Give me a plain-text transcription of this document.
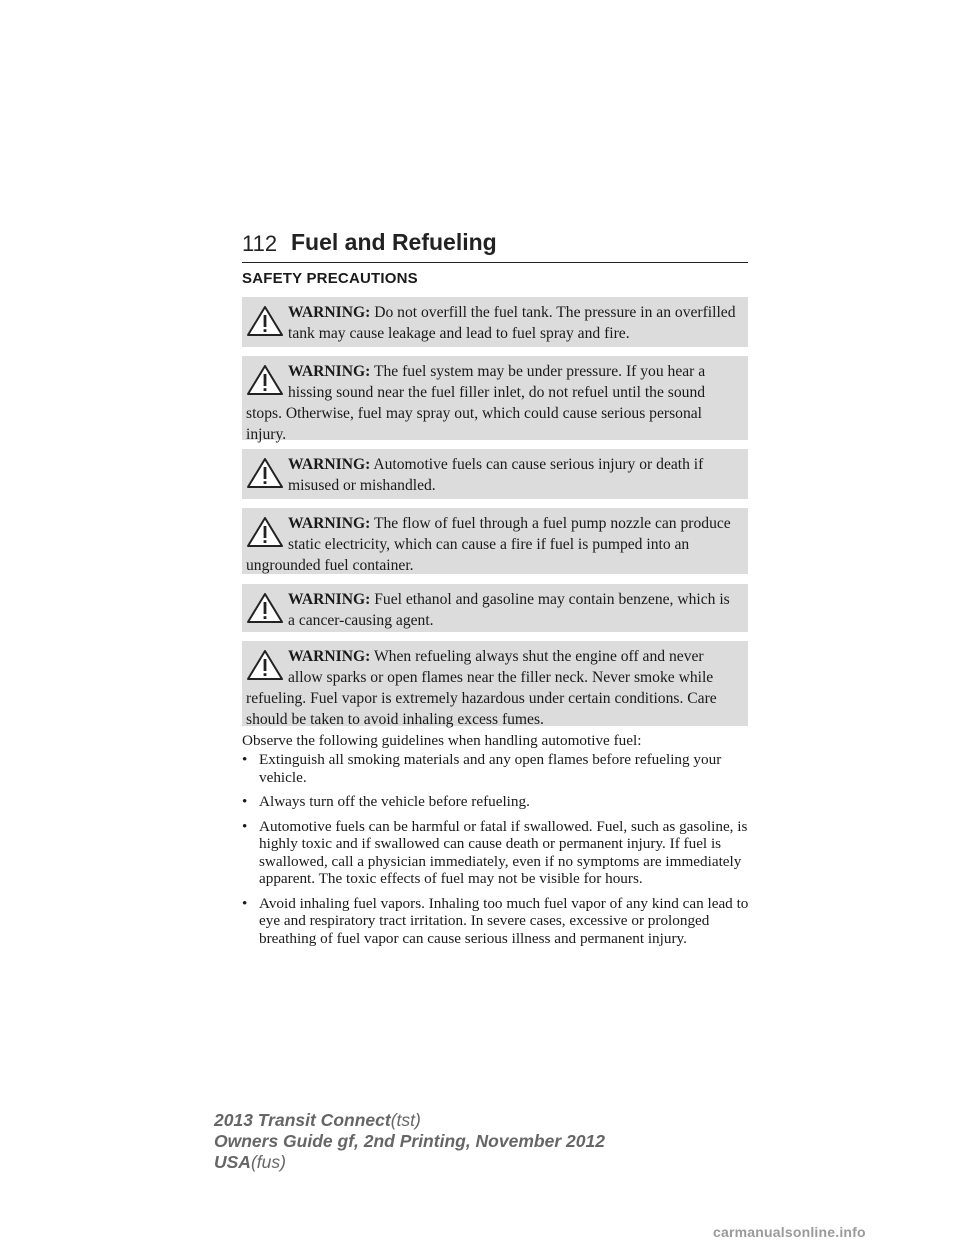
112 Fuel and Refueling
SAFETY PRECAUTIONS
WARNING: Do not overfill the fuel tank. The pressure in an overfilled tank may cause leakage and lead to fuel spray and fire.
WARNING: The fuel system may be under pressure. If you hear a hissing sound near the fuel filler inlet, do not refuel until the sound stops. Otherwise, fuel may spray out, which could cause serious personal injury.
WARNING: Automotive fuels can cause serious injury or death if misused or mishandled.
WARNING: The flow of fuel through a fuel pump nozzle can produce static electricity, which can cause a fire if fuel is pumped into an ungrounded fuel container.
WARNING: Fuel ethanol and gasoline may contain benzene, which is a cancer-causing agent.
WARNING: When refueling always shut the engine off and never allow sparks or open flames near the filler neck. Never smoke while refueling. Fuel vapor is extremely hazardous under certain conditions. Care should be taken to avoid inhaling excess fumes.
Observe the following guidelines when handling automotive fuel:
• Extinguish all smoking materials and any open flames before refueling your vehicle.
• Always turn off the vehicle before refueling.
• Automotive fuels can be harmful or fatal if swallowed. Fuel, such as gasoline, is highly toxic and if swallowed can cause death or permanent injury. If fuel is swallowed, call a physician immediately, even if no symptoms are immediately apparent. The toxic effects of fuel may not be visible for hours.
• Avoid inhaling fuel vapors. Inhaling too much fuel vapor of any kind can lead to eye and respiratory tract irritation. In severe cases, excessive or prolonged breathing of fuel vapor can cause serious illness and permanent injury.
2013 Transit Connect(tst)
Owners Guide gf, 2nd Printing, November 2012
USA(fus)
carmanualsonline.info
